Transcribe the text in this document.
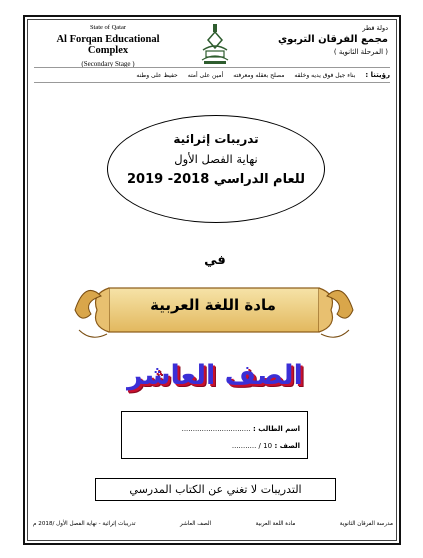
State of Qatar
Al Forqan Educational Complex
(Secondary Stage )
دولة قطر
مجمع الفرقان التربوي
( المرحلة الثانوية )
رؤيتنا :
بناء جيل فوق يديه وخلقه
مصلح بعقله ومعرفته
أمين على أمته
حفيظ على وطنه
تدريبات إثرائية
نهاية الفصل الأول
للعام الدراسي 2018- 2019
في
مادة اللغة العربية
الصف العاشر
اسم الطالب : ...............................
الصف : 10 / ...........
التدريبات لا تغني عن الكتاب المدرسي
مدرسة الفرقان الثانوية
مادة اللغة العربية
الصف العاشر
تدريبات إثرائية - نهاية الفصل الأول /2018 م
